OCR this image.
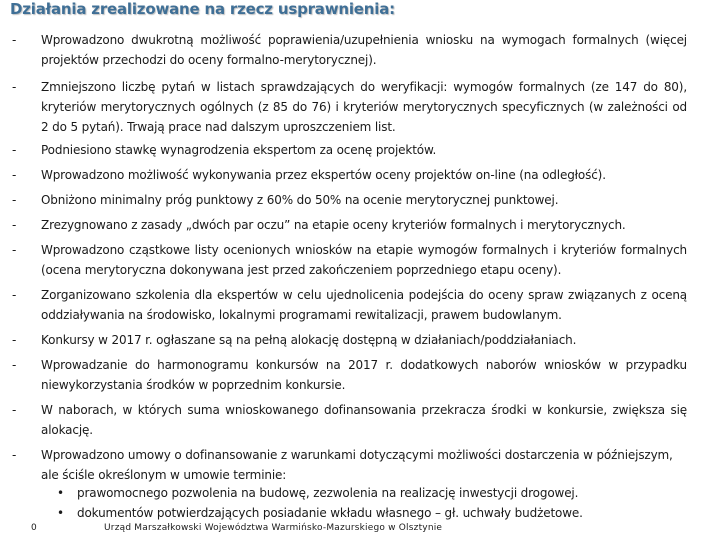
Działania zrealizowane na rzecz usprawnienia:
- Wprowadzono dwukrotną możliwość poprawienia/uzupełnienia wniosku na wymogach formalnych (więcej projektów przechodzi do oceny formalno-merytorycznej).

- Zmniejszono liczbę pytań w listach sprawdzających do weryfikacji: wymogów formalnych (ze 147 do 80), kryteriów merytorycznych ogólnych (z 85 do 76) i kryteriów merytorycznych specyficznych (w zależności od 2 do 5 pytań). Trwają prace nad dalszym uproszczeniem list.

- Podniesiono stawkę wynagrodzenia ekspertom za ocenę projektów.

- Wprowadzono możliwość wykonywania przez ekspertów oceny projektów on-line (na odległość).

- Obniżono minimalny próg punktowy z 60% do 50% na ocenie merytorycznej punktowej.

- Zrezygnowano z zasady „dwóch par oczu” na etapie oceny kryteriów formalnych i merytorycznych.

- Wprowadzono cząstkowe listy ocenionych wniosków na etapie wymogów formalnych i kryteriów formalnych (ocena merytoryczna dokonywana jest przed zakończeniem poprzedniego etapu oceny).

- Zorganizowano szkolenia dla ekspertów w celu ujednolicenia podejścia do oceny spraw związanych z oceną oddziaływania na środowisko, lokalnymi programami rewitalizacji, prawem budowlanym.

- Konkursy w 2017 r. ogłaszane są na pełną alokację dostępną w działaniach/poddziałaniach.

- Wprowadzanie do harmonogramu konkursów na 2017 r. dodatkowych naborów wniosków w przypadku niewykorzystania środków w poprzednim konkursie.

- W naborach, w których suma wnioskowanego dofinansowania przekracza środki w konkursie, zwiększa się alokację.

- Wprowadzono umowy o dofinansowanie z warunkami dotyczącymi możliwości dostarczenia w późniejszym, ale ściśle określonym w umowie terminie:

• prawomocnego pozwolenia na budowę, zezwolenia na realizację inwestycji drogowej.
• dokumentów potwierdzających posiadanie wkładu własnego – gł. uchwały budżetowe.
0	Urząd Marszałkowski Województwa Warmińsko-Mazurskiego w Olsztynie
